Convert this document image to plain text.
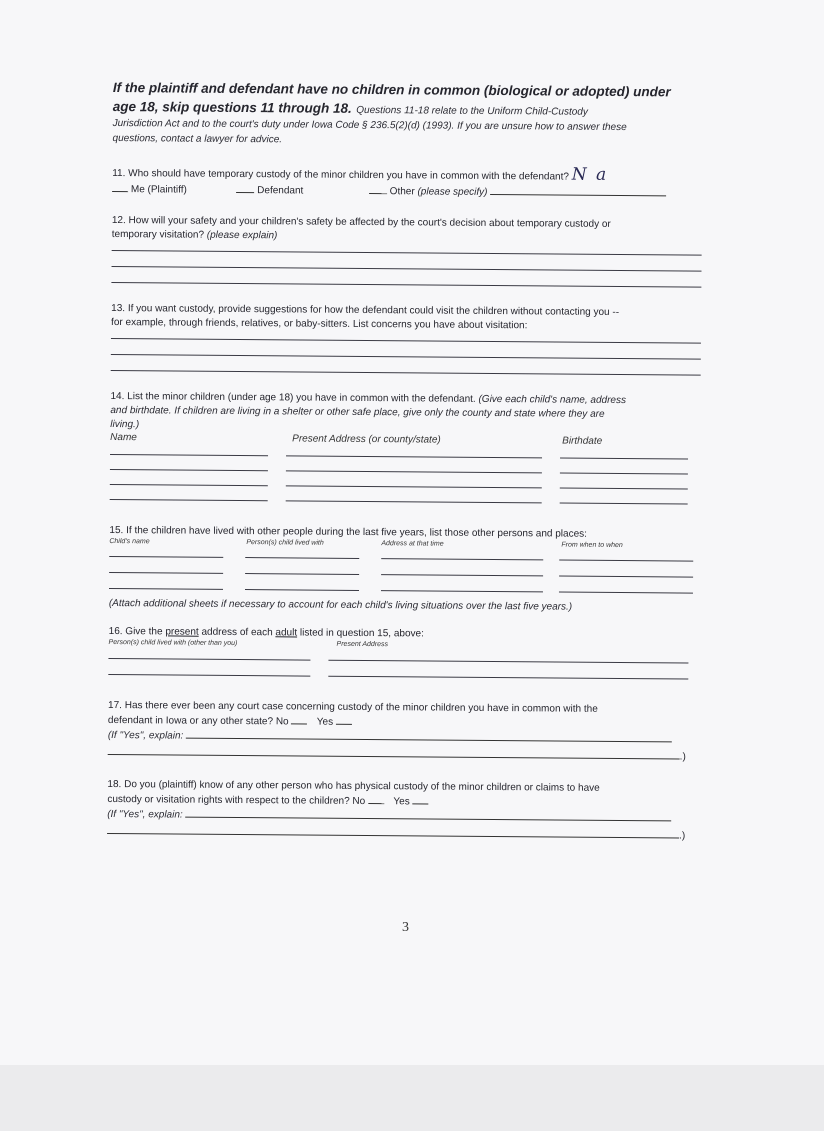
If the plaintiff and defendant have no children in common (biological or adopted) under
age 18, skip questions 11 through 18. Questions 11-18 relate to the Uniform Child-Custody
Jurisdiction Act and to the court's duty under Iowa Code § 236.5(2)(d) (1993). If you are unsure how to answer these
questions, contact a lawyer for advice.
11. Who should have temporary custody of the minor children you have in common with the defendant? N a
Me (Plaintiff)	Defendant	Other (please specify)
12. How will your safety and your children's safety be affected by the court's decision about temporary custody or
temporary visitation? (please explain)
13. If you want custody, provide suggestions for how the defendant could visit the children without contacting you --
for example, through friends, relatives, or baby-sitters. List concerns you have about visitation:
14. List the minor children (under age 18) you have in common with the defendant. (Give each child's name, address
and birthdate. If children are living in a shelter or other safe place, give only the county and state where they are
living.)
Name	Present Address (or county/state)	Birthdate
15. If the children have lived with other people during the last five years, list those other persons and places:
Child's name	Person(s) child lived with	Address at that time	From when to when
(Attach additional sheets if necessary to account for each child's living situations over the last five years.)
16. Give the present address of each adult listed in question 15, above:
Person(s) child lived with (other than you)	Present Address
17. Has there ever been any court case concerning custody of the minor children you have in common with the
defendant in Iowa or any other state? No	Yes
(If "Yes", explain:
.)
18. Do you (plaintiff) know of any other person who has physical custody of the minor children or claims to have
custody or visitation rights with respect to the children? No	Yes
(If "Yes", explain:
.)
3
